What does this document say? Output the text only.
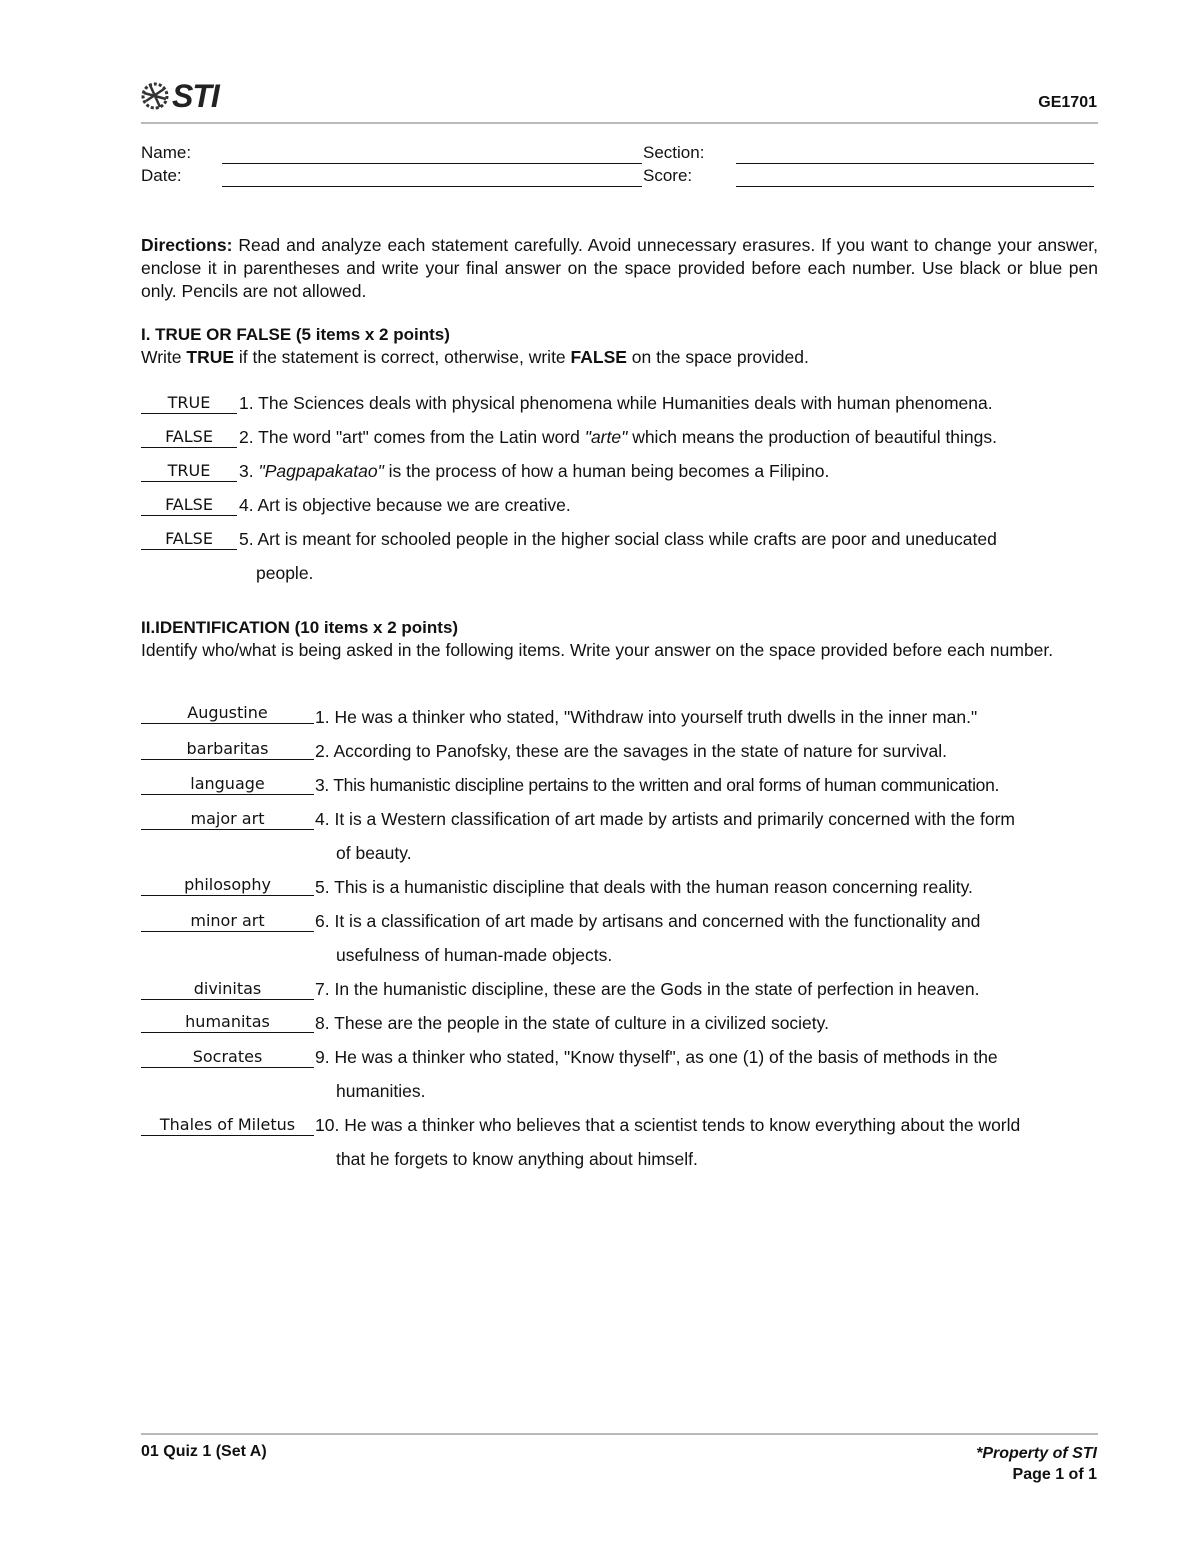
STI	GE1701
Name:	Section:
Date:	Score:
Directions: Read and analyze each statement carefully. Avoid unnecessary erasures. If you want to change your answer, enclose it in parentheses and write your final answer on the space provided before each number. Use black or blue pen only. Pencils are not allowed.
I. TRUE OR FALSE (5 items x 2 points)
Write TRUE if the statement is correct, otherwise, write FALSE on the space provided.
TRUE	1. The Sciences deals with physical phenomena while Humanities deals with human phenomena.
FALSE	2. The word "art" comes from the Latin word "arte" which means the production of beautiful things.
TRUE	3. "Pagpapakatao" is the process of how a human being becomes a Filipino.
FALSE	4. Art is objective because we are creative.
FALSE	5. Art is meant for schooled people in the higher social class while crafts are poor and uneducated
people.
II.IDENTIFICATION (10 items x 2 points)
Identify who/what is being asked in the following items. Write your answer on the space provided before each number.
Augustine	1. He was a thinker who stated, "Withdraw into yourself truth dwells in the inner man."
barbaritas	2. According to Panofsky, these are the savages in the state of nature for survival.
language	3. This humanistic discipline pertains to the written and oral forms of human communication.
major art	4. It is a Western classification of art made by artists and primarily concerned with the form
of beauty.
philosophy	5. This is a humanistic discipline that deals with the human reason concerning reality.
minor art	6. It is a classification of art made by artisans and concerned with the functionality and
usefulness of human-made objects.
divinitas	7. In the humanistic discipline, these are the Gods in the state of perfection in heaven.
humanitas	8. These are the people in the state of culture in a civilized society.
Socrates	9. He was a thinker who stated, "Know thyself", as one (1) of the basis of methods in the
humanities.
Thales of Miletus	10. He was a thinker who believes that a scientist tends to know everything about the world
that he forgets to know anything about himself.
01 Quiz 1 (Set A)	*Property of STI
Page 1 of 1
